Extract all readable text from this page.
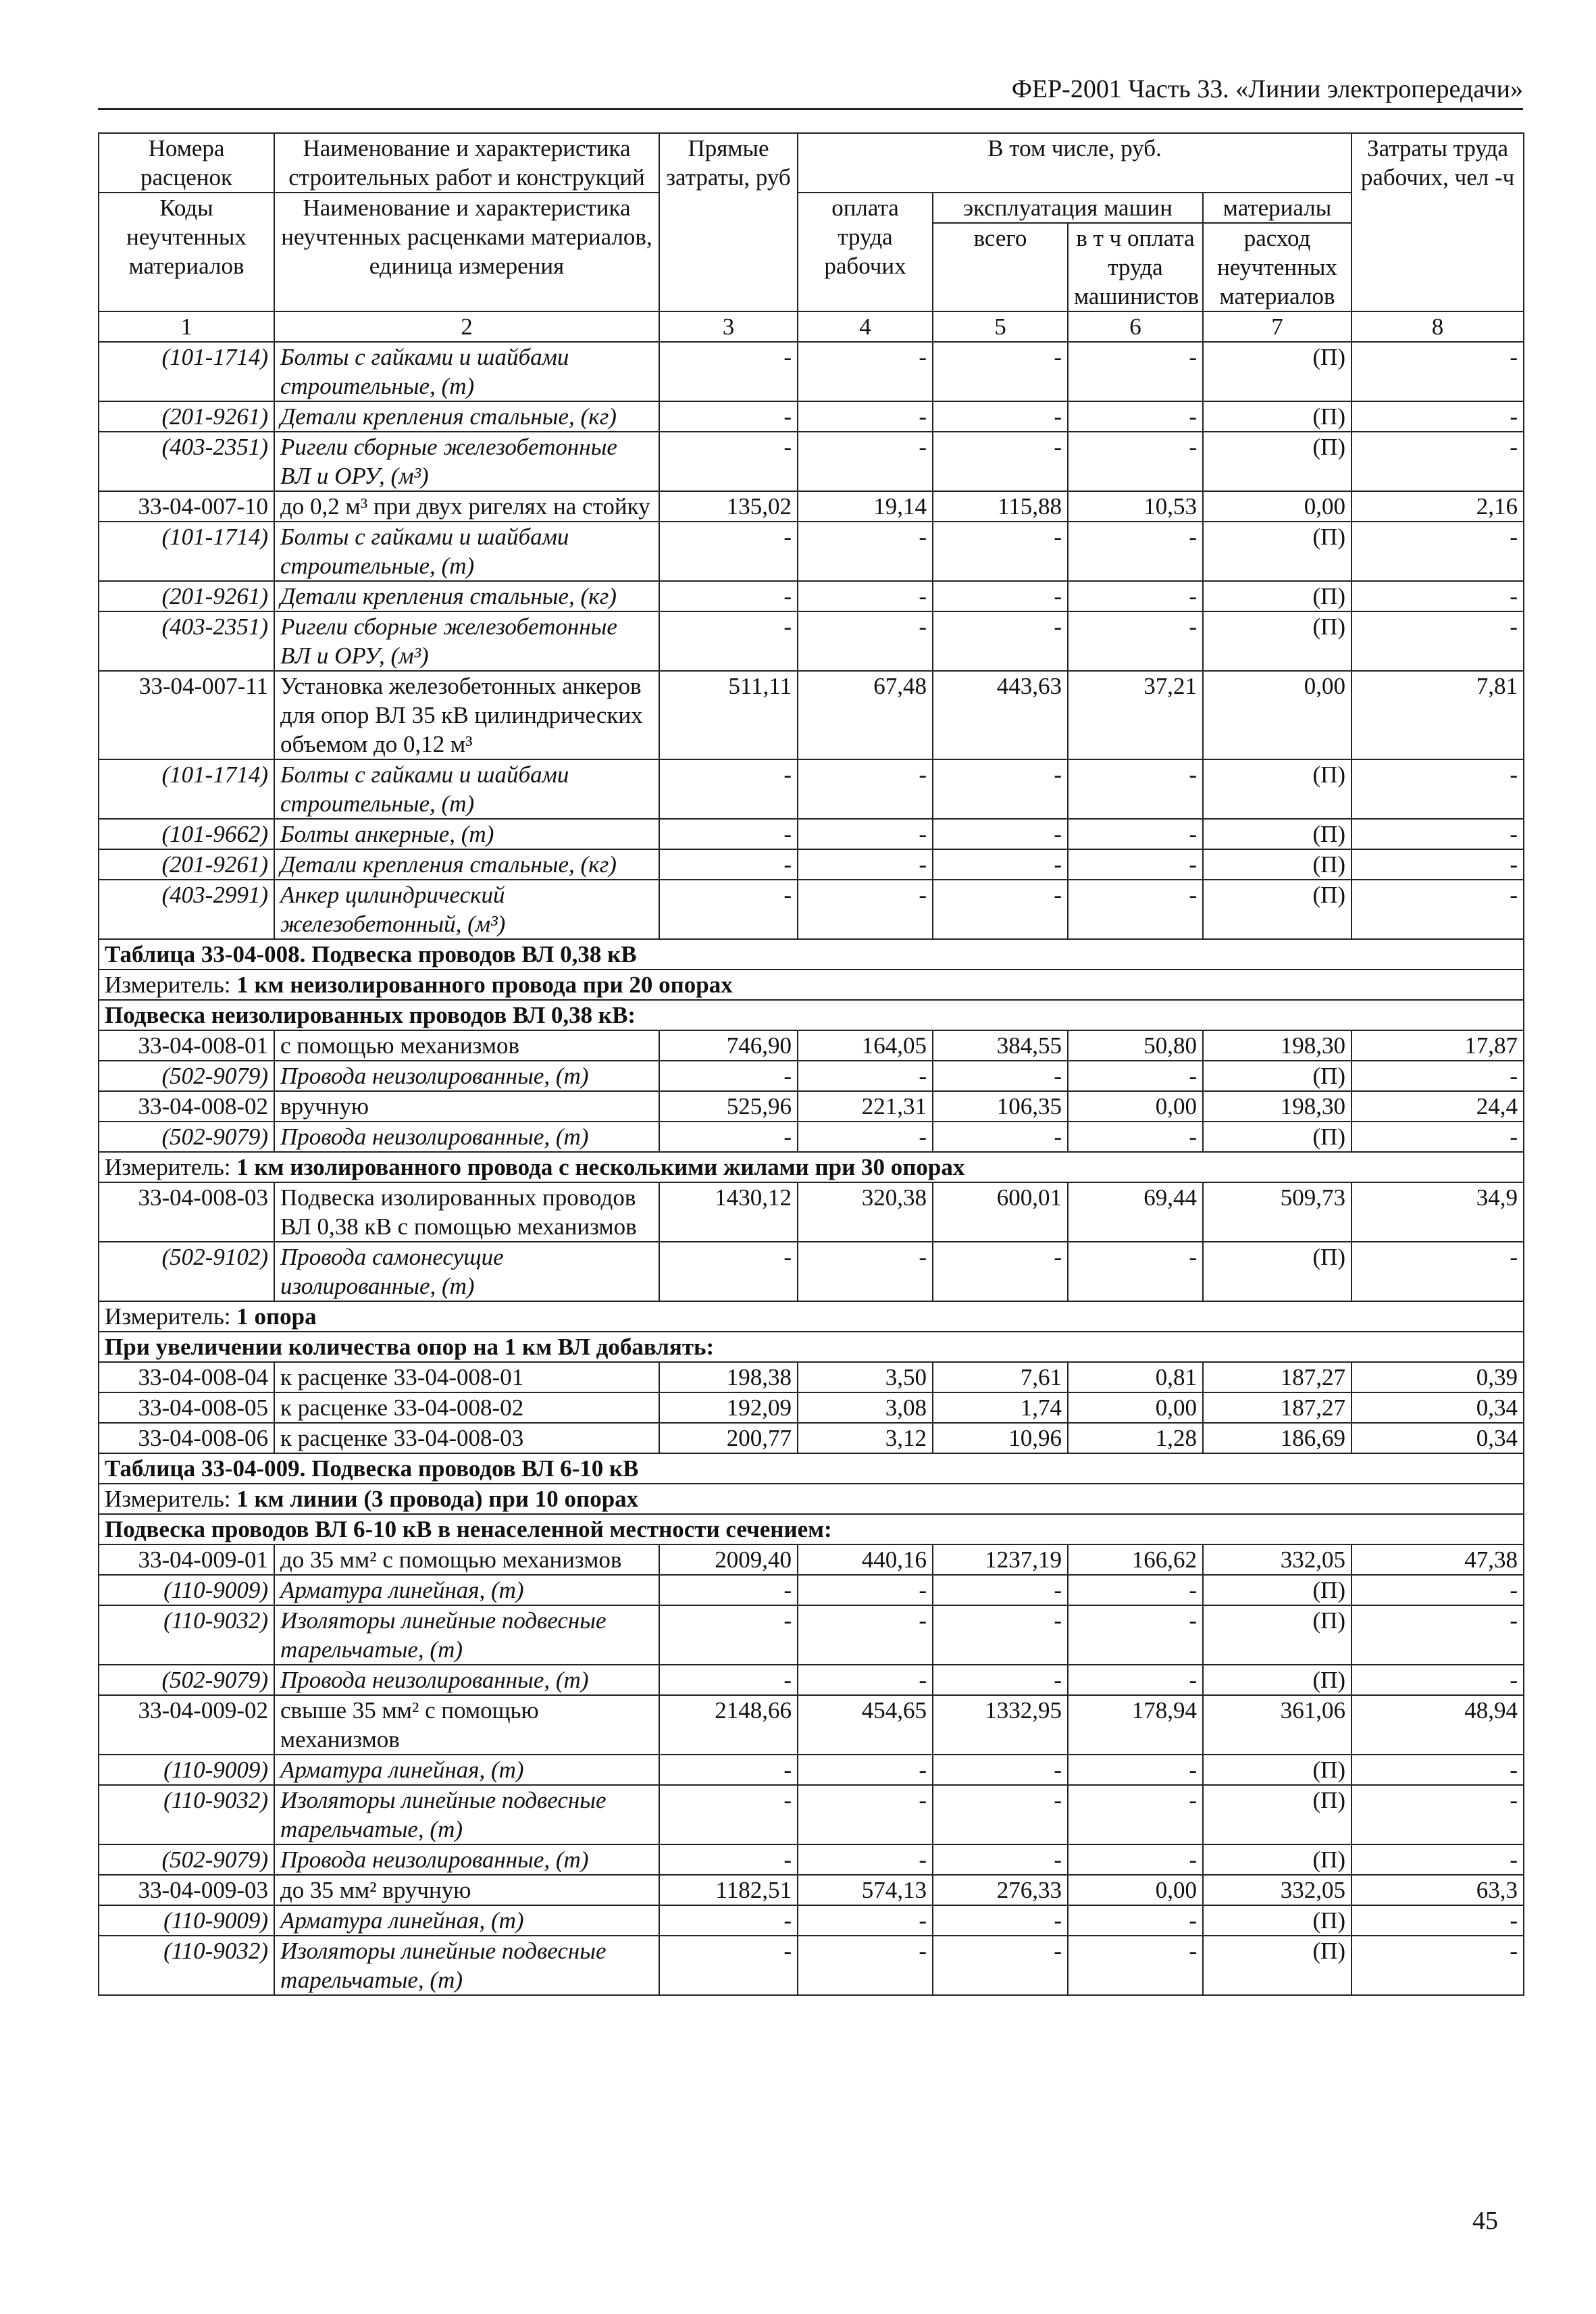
ФЕР-2001 Часть 33. «Линии электропередачи»
Номера расценок	Наименование и характеристика строительных работ и конструкций	Прямые затраты, руб	В том числе, руб.				Затраты труда рабочих, чел -ч
Коды неучтенных материалов	Наименование и характеристика неучтенных расценками материалов, единица измерения		оплата труда рабочих	эксплуатация машин		материалы	
				всего	в т ч оплата труда машинистов	расход неучтенных материалов	
1	2	3	4	5	6	7	8
(101-1714)	Болты с гайками и шайбами строительные, (т)	-	-	-	-	(П)	-
(201-9261)	Детали крепления стальные, (кг)	-	-	-	-	(П)	-
(403-2351)	Ригели сборные железобетонные ВЛ и ОРУ, (м³)	-	-	-	-	(П)	-
33-04-007-10	до 0,2 м³ при двух ригелях на стойку	135,02	19,14	115,88	10,53	0,00	2,16
(101-1714)	Болты с гайками и шайбами строительные, (т)	-	-	-	-	(П)	-
(201-9261)	Детали крепления стальные, (кг)	-	-	-	-	(П)	-
(403-2351)	Ригели сборные железобетонные ВЛ и ОРУ, (м³)	-	-	-	-	(П)	-
33-04-007-11	Установка железобетонных анкеров для опор ВЛ 35 кВ цилиндрических объемом до 0,12 м³	511,11	67,48	443,63	37,21	0,00	7,81
(101-1714)	Болты с гайками и шайбами строительные, (т)	-	-	-	-	(П)	-
(101-9662)	Болты анкерные, (т)	-	-	-	-	(П)	-
(201-9261)	Детали крепления стальные, (кг)	-	-	-	-	(П)	-
(403-2991)	Анкер цилиндрический железобетонный, (м³)	-	-	-	-	(П)	-
Таблица 33-04-008. Подвеска проводов ВЛ 0,38 кВ							
Измеритель: 1 км неизолированного провода при 20 опорах							
Подвеска неизолированных проводов ВЛ 0,38 кВ:							
33-04-008-01	с помощью механизмов	746,90	164,05	384,55	50,80	198,30	17,87
(502-9079)	Провода неизолированные, (т)	-	-	-	-	(П)	-
33-04-008-02	вручную	525,96	221,31	106,35	0,00	198,30	24,4
(502-9079)	Провода неизолированные, (т)	-	-	-	-	(П)	-
Измеритель: 1 км изолированного провода с несколькими жилами при 30 опорах							
33-04-008-03	Подвеска изолированных проводов ВЛ 0,38 кВ с помощью механизмов	1430,12	320,38	600,01	69,44	509,73	34,9
(502-9102)	Провода самонесущие изолированные, (т)	-	-	-	-	(П)	-
Измеритель: 1 опора							
При увеличении количества опор на 1 км ВЛ добавлять:							
33-04-008-04	к расценке 33-04-008-01	198,38	3,50	7,61	0,81	187,27	0,39
33-04-008-05	к расценке 33-04-008-02	192,09	3,08	1,74	0,00	187,27	0,34
33-04-008-06	к расценке 33-04-008-03	200,77	3,12	10,96	1,28	186,69	0,34
Таблица 33-04-009. Подвеска проводов ВЛ 6-10 кВ							
Измеритель: 1 км линии (3 провода) при 10 опорах							
Подвеска проводов ВЛ 6-10 кВ в ненаселенной местности сечением:							
33-04-009-01	до 35 мм² с помощью механизмов	2009,40	440,16	1237,19	166,62	332,05	47,38
(110-9009)	Арматура линейная, (т)	-	-	-	-	(П)	-
(110-9032)	Изоляторы линейные подвесные тарельчатые, (т)	-	-	-	-	(П)	-
(502-9079)	Провода неизолированные, (т)	-	-	-	-	(П)	-
33-04-009-02	свыше 35 мм² с помощью механизмов	2148,66	454,65	1332,95	178,94	361,06	48,94
(110-9009)	Арматура линейная, (т)	-	-	-	-	(П)	-
(110-9032)	Изоляторы линейные подвесные тарельчатые, (т)	-	-	-	-	(П)	-
(502-9079)	Провода неизолированные, (т)	-	-	-	-	(П)	-
33-04-009-03	до 35 мм² вручную	1182,51	574,13	276,33	0,00	332,05	63,3
(110-9009)	Арматура линейная, (т)	-	-	-	-	(П)	-
(110-9032)	Изоляторы линейные подвесные тарельчатые, (т)	-	-	-	-	(П)	-
45
